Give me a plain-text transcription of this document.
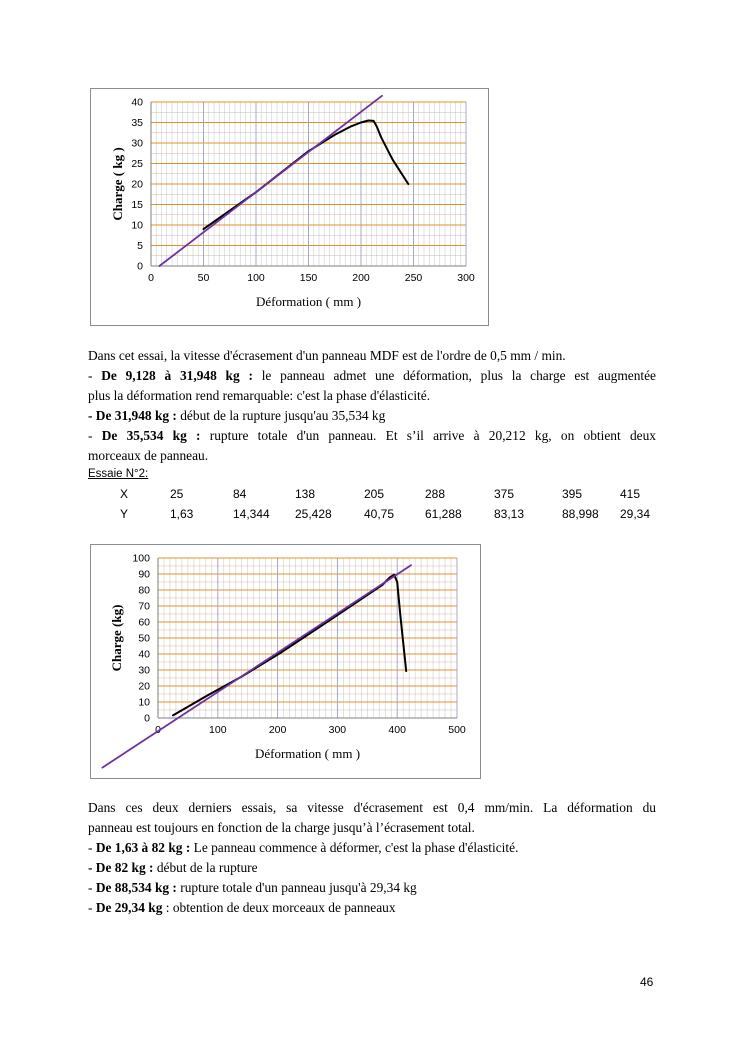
0
5
10
15
20
25
30
35
40
0	50	100	150	200	250	300
Déformation ( mm )
Charge ( kg )

Dans cet essai, la vitesse d'écrasement d'un panneau MDF est de l'ordre de 0,5 mm / min.

- De 9,128 à 31,948 kg : le panneau admet une déformation, plus la charge est augmentée

plus la déformation rend remarquable: c'est la phase d'élasticité.

- De 31,948 kg : début de la rupture jusqu'au 35,534 kg

- De 35,534 kg : rupture totale d'un panneau. Et s’il arrive à 20,212 kg, on obtient deux

morceaux de panneau.

Essaie N°2:
X	25	84	138	205	288	375	395	415
Y	1,63	14,344	25,428	40,75	61,288	83,13	88,998	29,34
0
10
20
30
40
50
60
70
80
90
100
0	100	200	300	400	500
Déformation ( mm )
Charge (kg)

Dans ces deux derniers essais, sa vitesse d'écrasement est 0,4 mm/min. La déformation du

panneau est toujours en fonction de la charge jusqu’à l’écrasement total.

- De 1,63 à 82 kg : Le panneau commence à déformer, c'est la phase d'élasticité.

- De 82 kg : début de la rupture

- De 88,534 kg : rupture totale d'un panneau jusqu'à 29,34 kg

- De 29,34 kg : obtention de deux morceaux de panneaux

46
